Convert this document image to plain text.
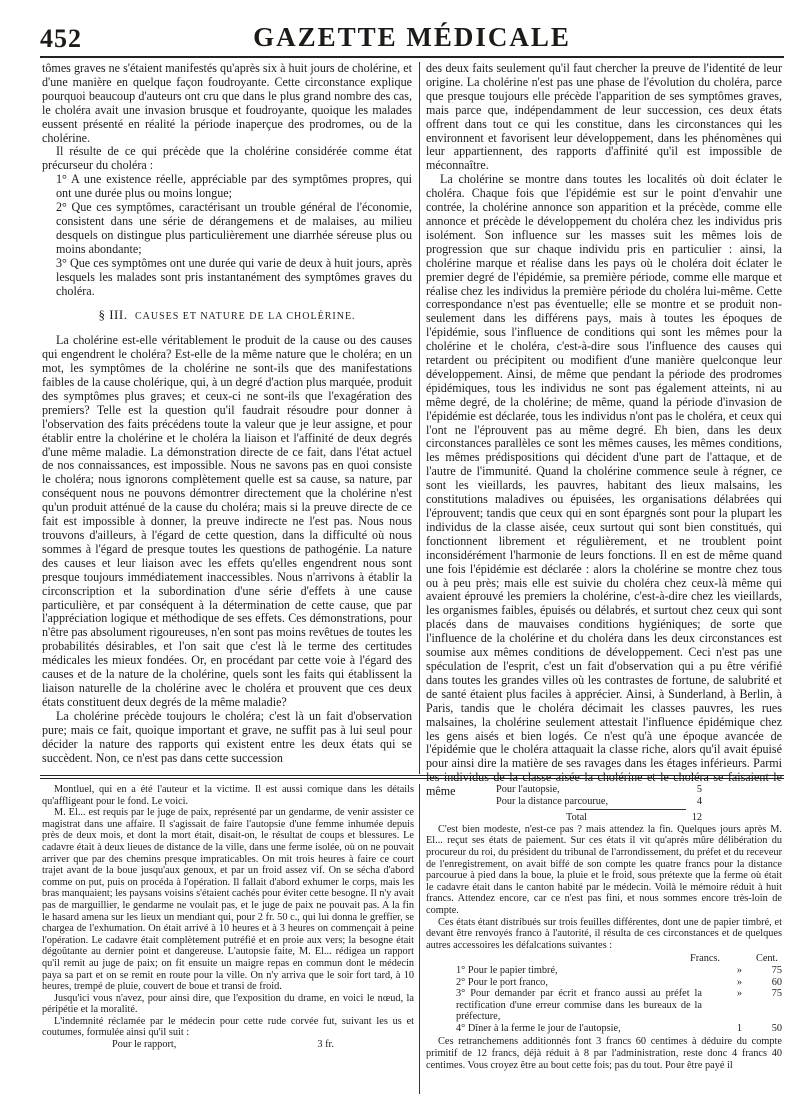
452	GAZETTE MÉDICALE

tômes graves ne s'étaient manifestés qu'après six à huit jours de cholérine, et d'une manière en quelque façon foudroyante. Cette circonstance explique pourquoi beaucoup d'auteurs ont cru que dans le plus grand nombre des cas, le choléra avait une invasion brusque et foudroyante, quoique les malades eussent présenté en réalité la période inaperçue des prodromes, ou de la cholérine.

Il résulte de ce qui précède que la cholérine considérée comme état précurseur du choléra :

1° A une existence réelle, appréciable par des symptômes propres, qui ont une durée plus ou moins longue;

2° Que ces symptômes, caractérisant un trouble général de l'économie, consistent dans une série de dérangemens et de malaises, au milieu desquels on distingue plus particulièrement une diarrhée séreuse plus ou moins abondante;

3° Que ces symptômes ont une durée qui varie de deux à huit jours, après lesquels les malades sont pris instantanément des symptômes graves du choléra.

§ III. CAUSES ET NATURE DE LA CHOLÉRINE.

La cholérine est-elle véritablement le produit de la cause ou des causes qui engendrent le choléra? Est-elle de la même nature que le choléra; en un mot, les symptômes de la cholérine ne sont-ils que des manifestations faibles de la cause cholérique, qui, à un degré d'action plus marquée, produit des symptômes plus graves; et ceux-ci ne sont-ils que l'exagération des premiers? Telle est la question qu'il faudrait résoudre pour donner à l'observation des faits précédens toute la valeur que je leur assigne, et pour établir entre la cholérine et le choléra la liaison et l'affinité de deux degrés d'une même maladie. La démonstration directe de ce fait, dans l'état actuel de nos connaissances, est impossible. Nous ne savons pas en quoi consiste le choléra; nous ignorons complètement quelle est sa cause, sa nature, par conséquent nous ne pouvons démontrer directement que la cholérine n'est qu'un produit atténué de la cause du choléra; mais si la preuve directe de ce fait est impossible à donner, la preuve indirecte ne l'est pas. Nous nous trouvons d'ailleurs, à l'égard de cette question, dans la difficulté où nous sommes à l'égard de presque toutes les questions de pathogénie. La nature des causes et leur liaison avec les effets qu'elles engendrent nous sont presque toujours immédiatement inaccessibles. Nous n'arrivons à établir la circonscription et la subordination d'une série d'effets à une cause particulière, et par conséquent à la détermination de cette cause, que par l'appréciation logique et méthodique de ses effets. Ces démonstrations, pour n'être pas absolument rigoureuses, n'en sont pas moins revêtues de toutes les probabilités désirables, et l'on sait que c'est là le terme des certitudes médicales les mieux fondées. Or, en procédant par cette voie à l'égard des causes et de la nature de la cholérine, quels sont les faits qui établissent la liaison naturelle de la cholérine avec le choléra et prouvent que ces deux états constituent deux degrés de la même maladie?

La cholérine précède toujours le choléra; c'est là un fait d'observation pure; mais ce fait, quoique important et grave, ne suffit pas à lui seul pour décider la nature des rapports qui existent entre les deux états qui se succèdent. Non, ce n'est pas dans cette succession

des deux faits seulement qu'il faut chercher la preuve de l'identité de leur origine. La cholérine n'est pas une phase de l'évolution du choléra, parce que presque toujours elle précède l'apparition de ses symptômes graves, mais parce que, indépendamment de leur succession, ces deux états offrent dans tout ce qui les constitue, dans les circonstances qui les environnent et favorisent leur développement, dans les phénomènes qui leur appartiennent, des rapports d'affinité qu'il est impossible de méconnaître.

La cholérine se montre dans toutes les localités où doit éclater le choléra. Chaque fois que l'épidémie est sur le point d'envahir une contrée, la cholérine annonce son apparition et la précède, comme elle annonce et précède le développement du choléra chez les individus pris isolément. Son influence sur les masses suit les mêmes lois de progression que sur chaque individu pris en particulier : ainsi, la cholérine marque et réalise dans les pays où le choléra doit éclater le premier degré de l'épidémie, sa première période, comme elle marque et réalise chez les individus la première période du choléra lui-même. Cette correspondance n'est pas éventuelle; elle se montre et se produit non-seulement dans les différens pays, mais à toutes les époques de l'épidémie, sous l'influence de conditions qui sont les mêmes pour la cholérine et le choléra, c'est-à-dire sous l'influence des causes qui retardent ou précipitent ou modifient d'une manière quelconque leur développement. Ainsi, de même que pendant la période des prodromes épidémiques, tous les individus ne sont pas également atteints, ni au même degré, de la cholérine; de même, quand la période d'invasion de l'épidémie est déclarée, tous les individus n'ont pas le choléra, et ceux qui l'ont ne l'éprouvent pas au même degré. Eh bien, dans les deux circonstances parallèles ce sont les mêmes causes, les mêmes conditions, les mêmes prédispositions qui décident d'une part de l'attaque, et de l'autre de l'immunité. Quand la cholérine commence seule à régner, ce sont les vieillards, les pauvres, habitant des lieux malsains, les constitutions maladives ou épuisées, les organisations délabrées qui l'éprouvent; tandis que ceux qui en sont épargnés sont pour la plupart les individus de la classe aisée, ceux surtout qui sont bien constitués, qui fonctionnent librement et régulièrement, et ne troublent point inconsidérément l'harmonie de leurs fonctions. Il en est de même quand une fois l'épidémie est déclarée : alors la cholérine se montre chez tous ou à peu près; mais elle est suivie du choléra chez ceux-là même qui avaient éprouvé les premiers la cholérine, c'est-à-dire chez les vieillards, les organismes faibles, épuisés ou délabrés, et surtout chez ceux qui sont placés dans de mauvaises conditions hygiéniques; de sorte que l'influence de la cholérine et du choléra dans les deux circonstances est soumise aux mêmes conditions de développement. Ceci n'est pas une spéculation de l'esprit, c'est un fait d'observation qui a pu être vérifié dans toutes les grandes villes où les contrastes de fortune, de salubrité et de santé étaient plus faciles à apprécier. Ainsi, à Sunderland, à Berlin, à Paris, tandis que le choléra décimait les classes pauvres, les rues malsaines, la cholérine seulement attestait l'influence épidémique chez les gens aisés et bien logés. Ce n'est qu'à une époque avancée de l'épidémie que le choléra attaquait la classe riche, alors qu'il avait épuisé pour ainsi dire la matière de ses ravages dans les étages inférieurs. Parmi les individus de la classe aisée la cholérine et le choléra se faisaient le même

Montluel, qui en a été l'auteur et la victime. Il est aussi comique dans les détails qu'affligeant pour le fond. Le voici.

M. El... est requis par le juge de paix, représenté par un gendarme, de venir assister ce magistrat dans une affaire. Il s'agissait de faire l'autopsie d'une femme inhumée depuis près de deux mois, et dont la mort était, disait-on, le résultat de coups et blessures. Le cadavre était à deux lieues de distance de la ville, dans une ferme isolée, où on ne pouvait arriver que par des chemins presque impraticables. On mit trois heures à faire ce court trajet avant de la boue jusqu'aux genoux, et par un froid assez vif. On se sécha d'abord comme on put, puis on procéda à l'opération. Il fallait d'abord exhumer le corps, mais les bras manquaient; les paysans voisins s'étaient cachés pour éviter cette besogne. Il n'y avait pas de marguillier, le gendarme ne voulait pas, et le juge de paix ne pouvait pas. A la fin le hasard amena sur les lieux un mendiant qui, pour 2 fr. 50 c., qui lui donna le greffier, se chargea de l'exhumation. On était arrivé à 10 heures et à 3 heures on commençait à peine l'opération. Le cadavre était complètement putréfié et en proie aux vers; la besogne était dégoûtante au dernier point et dangereuse. L'autopsie faite, M. El... rédigea un rapport qu'il remit au juge de paix; on fit ensuite un maigre repas en commun dont le médecin paya sa part et on se remit en route pour la ville. On n'y arriva que le soir fort tard, à 10 heures, trempé de pluie, couvert de boue et transi de froid.

Jusqu'ici vous n'avez, pour ainsi dire, que l'exposition du drame, en voici le nœud, la péripétie et la moralité.

L'indemnité réclamée par le médecin pour cette rude corvée fut, suivant les us et coutumes, formulée ainsi qu'il suit :

Pour le rapport,	3 fr.
Pour l'autopsie,	5
Pour la distance parcourue,	4
Total	12

C'est bien modeste, n'est-ce pas ? mais attendez la fin. Quelques jours après M. El... reçut ses états de paiement. Sur ces états il vit qu'après mûre délibération du procureur du roi, du président du tribunal de l'arrondissement, du préfet et du receveur de l'enregistrement, on avait biffé de son compte les quatre francs pour la distance parcourue à pied dans la boue, la pluie et le froid, sous prétexte que la ferme où était le cadavre était dans le canton habité par le médecin. Voilà le mémoire réduit à huit francs. Attendez encore, car ce n'est pas fini, et nous sommes encore très-loin de compte.

Ces états étant distribués sur trois feuilles différentes, dont une de papier timbré, et devant être renvoyés franco à l'autorité, il résulta de ces circonstances et de quelques autres accessoires les défalcations suivantes :

Francs.	Cent.
1° Pour le papier timbré,	»	75
2° Pour le port franco,	»	60
3° Pour demander par écrit et franco aussi au préfet la rectification d'une erreur commise dans les bureaux de la préfecture,
»	75
4° Dîner à la ferme le jour de l'autopsie,	1	50

Ces retranchemens additionnés font 3 francs 60 centimes à déduire du compte primitif de 12 francs, déjà réduit à 8 par l'administration, reste donc 4 francs 40 centimes. Vous croyez être au bout cette fois; pas du tout. Pour être payé il
